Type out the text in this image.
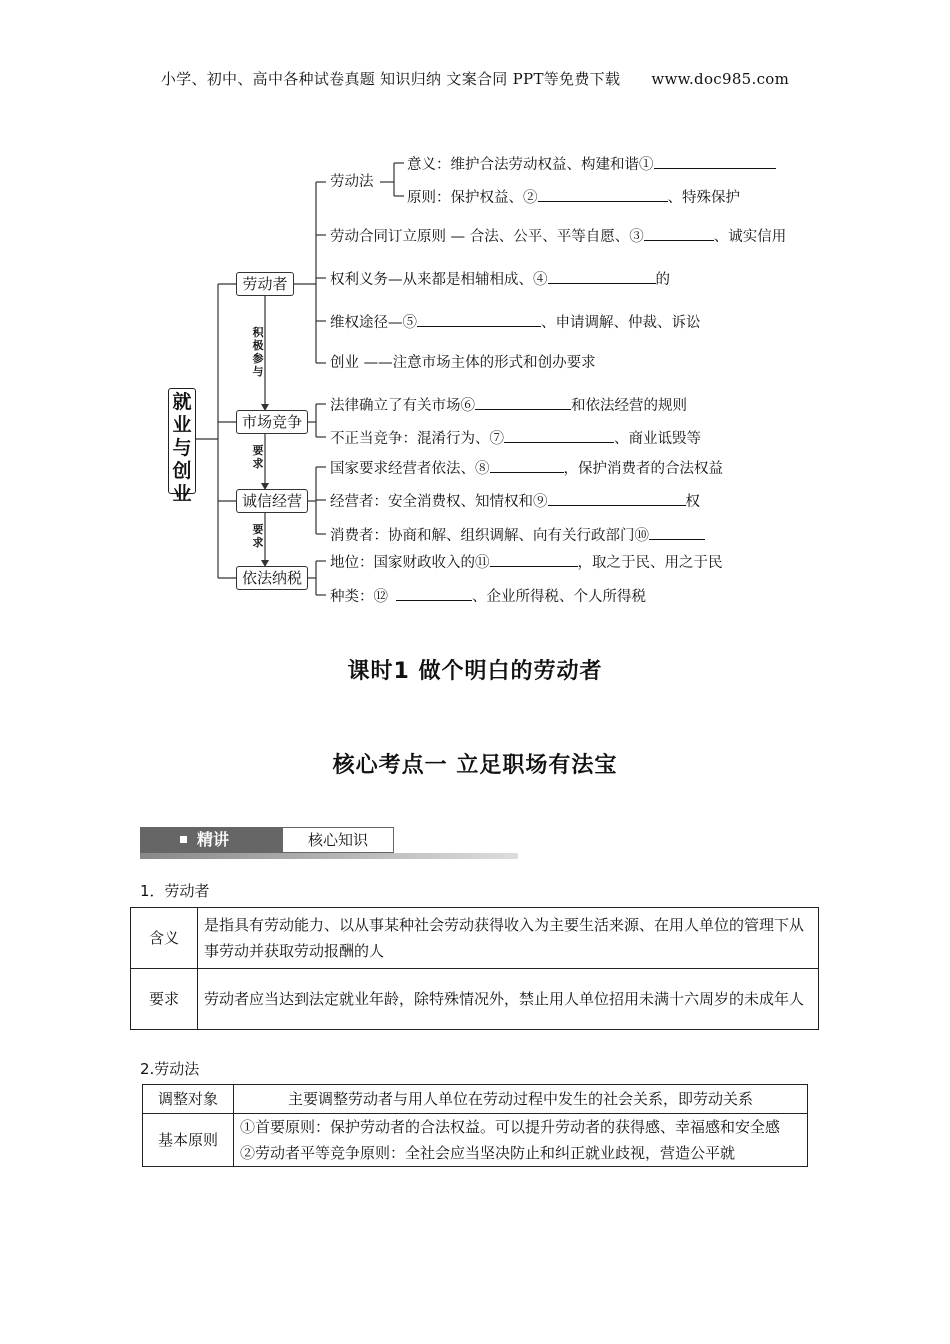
小学、初中、高中各种试卷真题 知识归纳 文案合同 PPT等免费下载 www.doc985.com
就业与创业
劳动者
市场竞争
诚信经营
依法纳税
积极参与
要求
要求
劳动法
意义：维护合法劳动权益、构建和谐①
原则：保护权益、②	、特殊保护
劳动合同订立原则 — 合法、公平、平等自愿、③	、诚实信用
权利义务—从来都是相辅相成、④	的
维权途径—⑤	、申请调解、仲裁、诉讼
创业 ——注意市场主体的形式和创办要求
法律确立了有关市场⑥	和依法经营的规则
不正当竞争：混淆行为、⑦	、商业诋毁等
国家要求经营者依法、⑧	，保护消费者的合法权益
经营者：安全消费权、知情权和⑨	权
消费者：协商和解、组织调解、向有关行政部门⑩
地位：国家财政收入的⑪	，取之于民、用之于民
种类：⑫	、企业所得税、个人所得税
课时1 做个明白的劳动者
核心考点一 立足职场有法宝
精讲	核心知识
1．劳动者
含义	是指具有劳动能力、以从事某种社会劳动获得收入为主要生活来源、在用人单位的管理下从事劳动并获取劳动报酬的人
要求	劳动者应当达到法定就业年龄，除特殊情况外，禁止用人单位招用未满十六周岁的未成年人
2.劳动法
调整对象	主要调整劳动者与用人单位在劳动过程中发生的社会关系，即劳动关系
基本原则	①首要原则：保护劳动者的合法权益。可以提升劳动者的获得感、幸福感和安全感
②劳动者平等竞争原则：全社会应当坚决防止和纠正就业歧视，营造公平就
